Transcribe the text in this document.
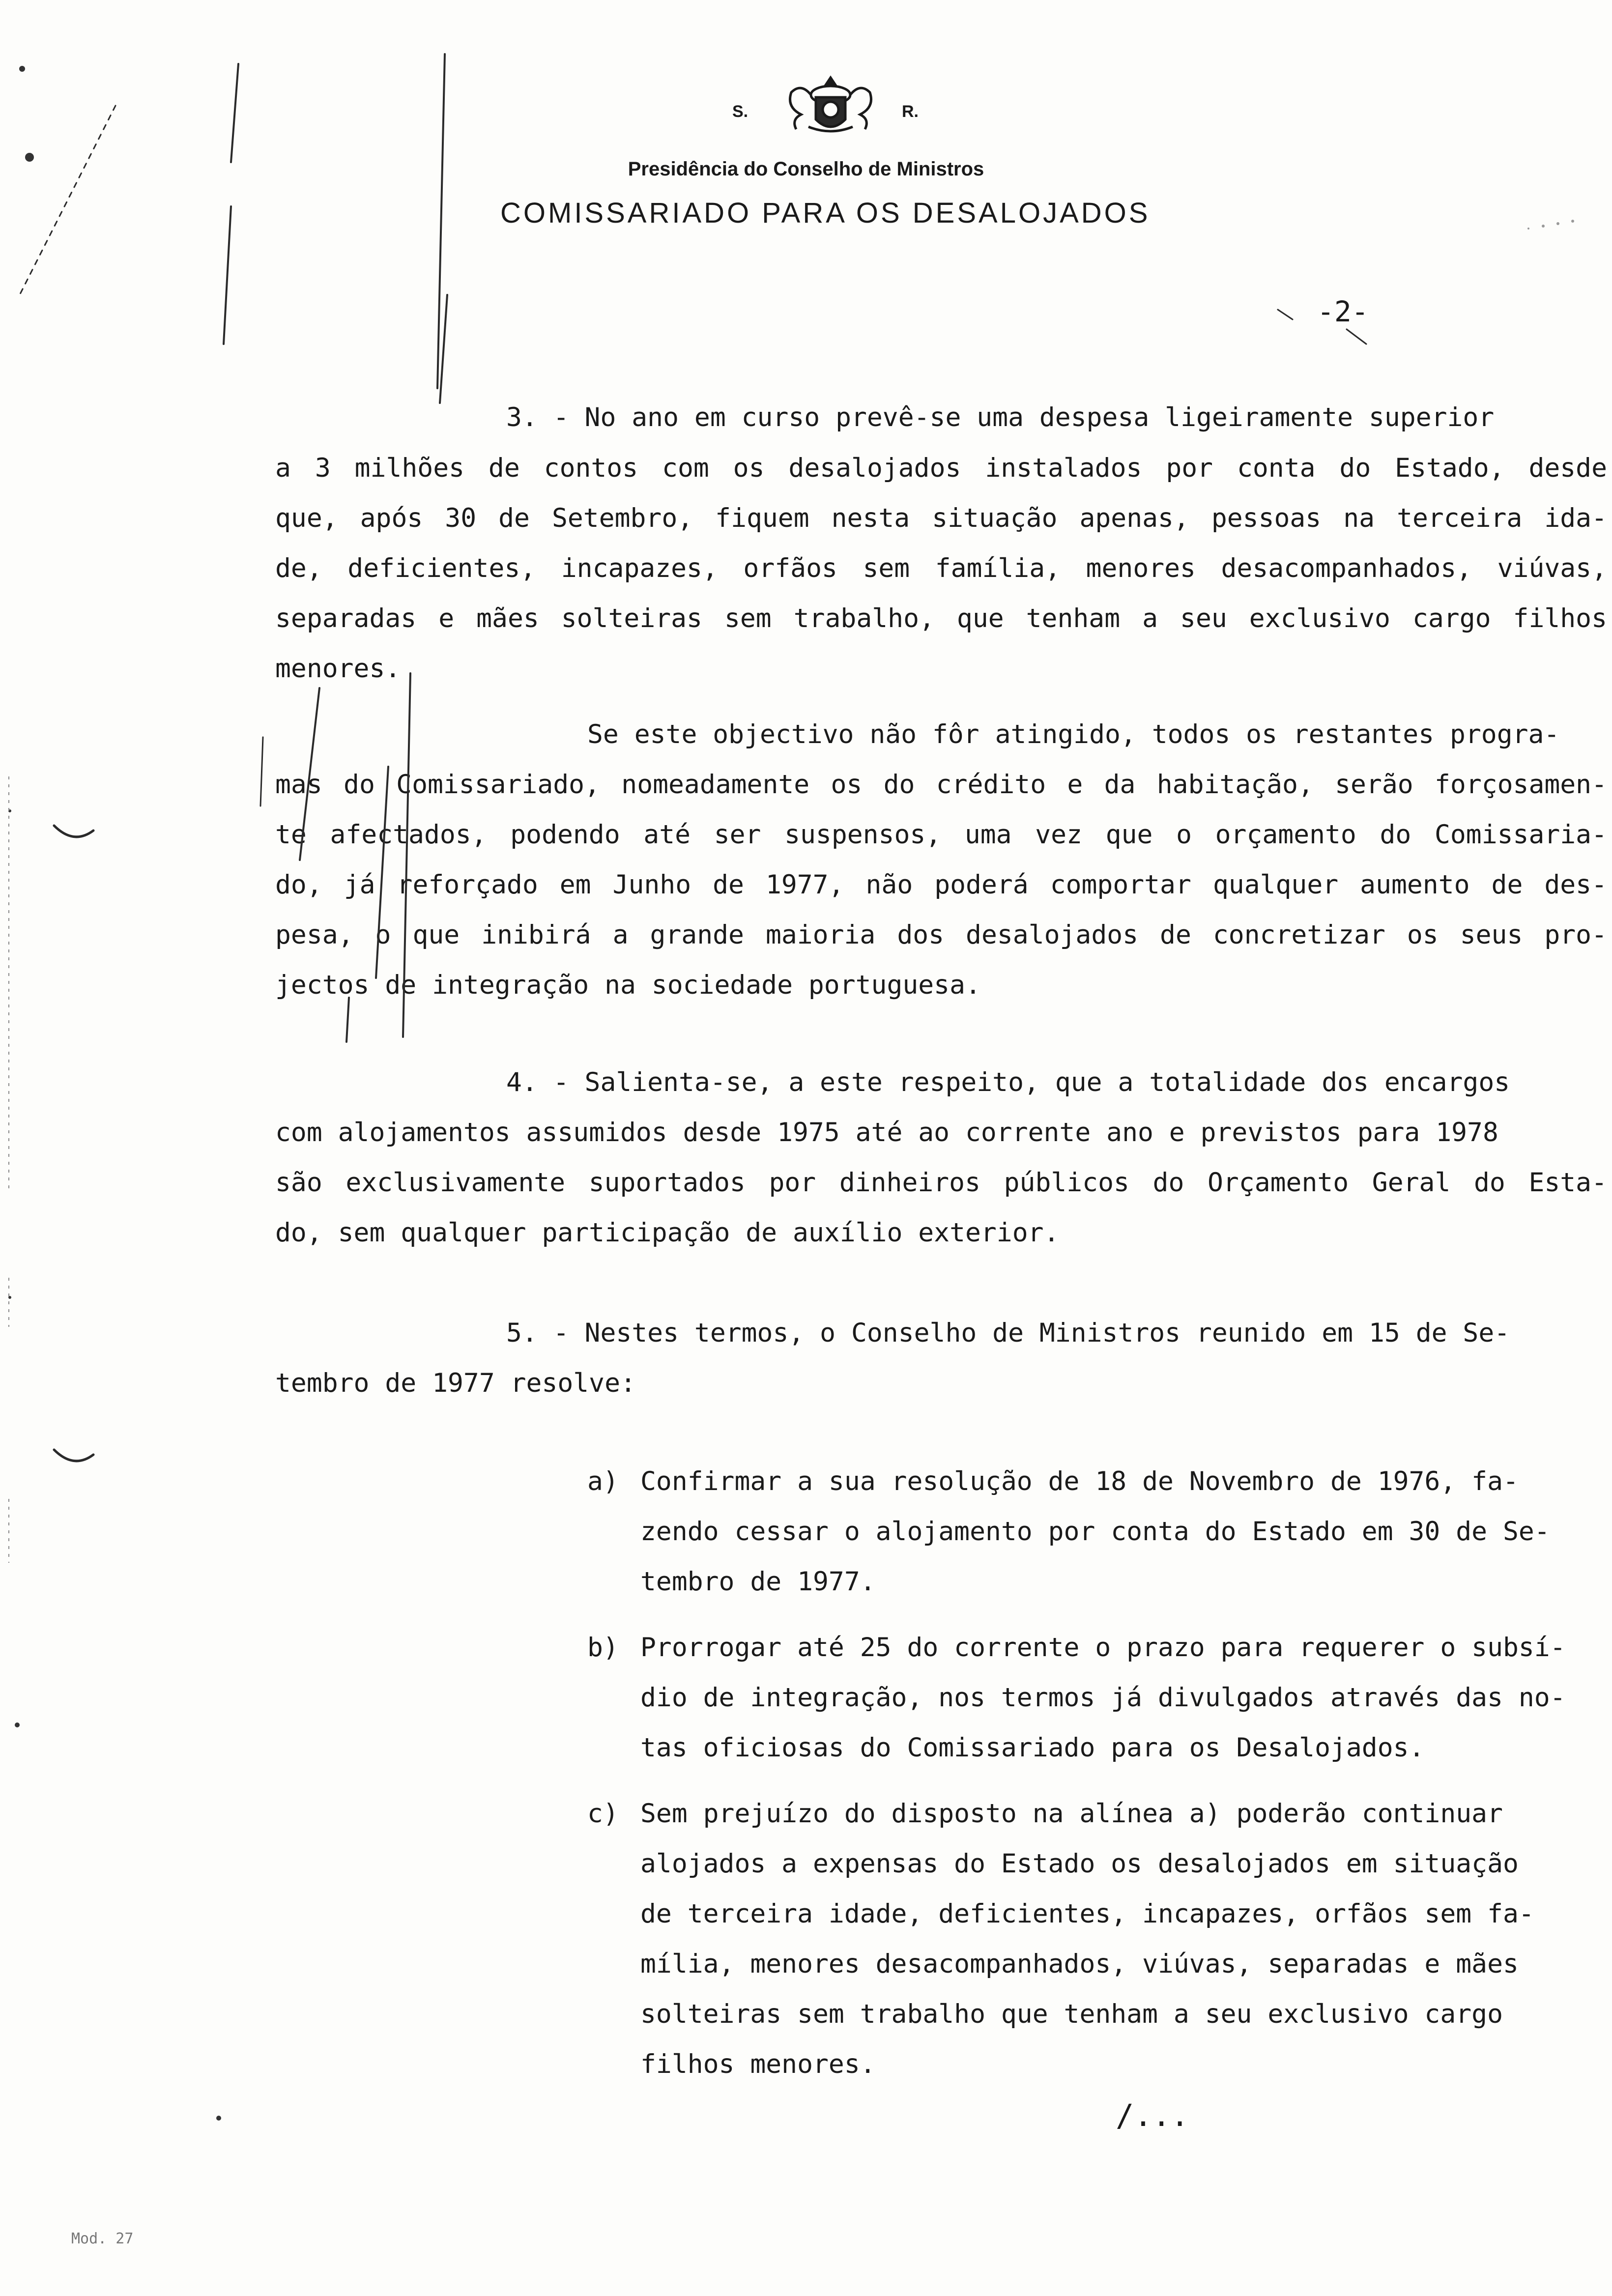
S.	R.
Presidência do Conselho de Ministros
COMISSARIADO PARA OS DESALOJADOS
-2-
3. - No ano em curso prevê-se uma despesa ligeiramente superior
a 3 milhões de contos com os desalojados instalados por conta do Estado, desde
que, após 30 de Setembro, fiquem nesta situação apenas, pessoas na terceira ida-
de, deficientes, incapazes, orfãos sem família, menores desacompanhados, viúvas,
separadas e mães solteiras sem trabalho, que tenham a seu exclusivo cargo filhos
menores.
Se este objectivo não fôr atingido, todos os restantes progra-
mas do Comissariado, nomeadamente os do crédito e da habitação, serão forçosamen-
te afectados, podendo até ser suspensos, uma vez que o orçamento do Comissaria-
do, já reforçado em Junho de 1977, não poderá comportar qualquer aumento de des-
pesa, o que inibirá a grande maioria dos desalojados de concretizar os seus pro-
jectos de integração na sociedade portuguesa.
4. - Salienta-se, a este respeito, que a totalidade dos encargos
com alojamentos assumidos desde 1975 até ao corrente ano e previstos para 1978
são exclusivamente suportados por dinheiros públicos do Orçamento Geral do Esta-
do, sem qualquer participação de auxílio exterior.
5. - Nestes termos, o Conselho de Ministros reunido em 15 de Se-
tembro de 1977 resolve:
a) Confirmar a sua resolução de 18 de Novembro de 1976, fa-
zendo cessar o alojamento por conta do Estado em 30 de Se-
tembro de 1977.
b) Prorrogar até 25 do corrente o prazo para requerer o subsí-
dio de integração, nos termos já divulgados através das no-
tas oficiosas do Comissariado para os Desalojados.
c) Sem prejuízo do disposto na alínea a) poderão continuar
alojados a expensas do Estado os desalojados em situação
de terceira idade, deficientes, incapazes, orfãos sem fa-
mília, menores desacompanhados, viúvas, separadas e mães
solteiras sem trabalho que tenham a seu exclusivo cargo
filhos menores.
/...
Mod. 27
